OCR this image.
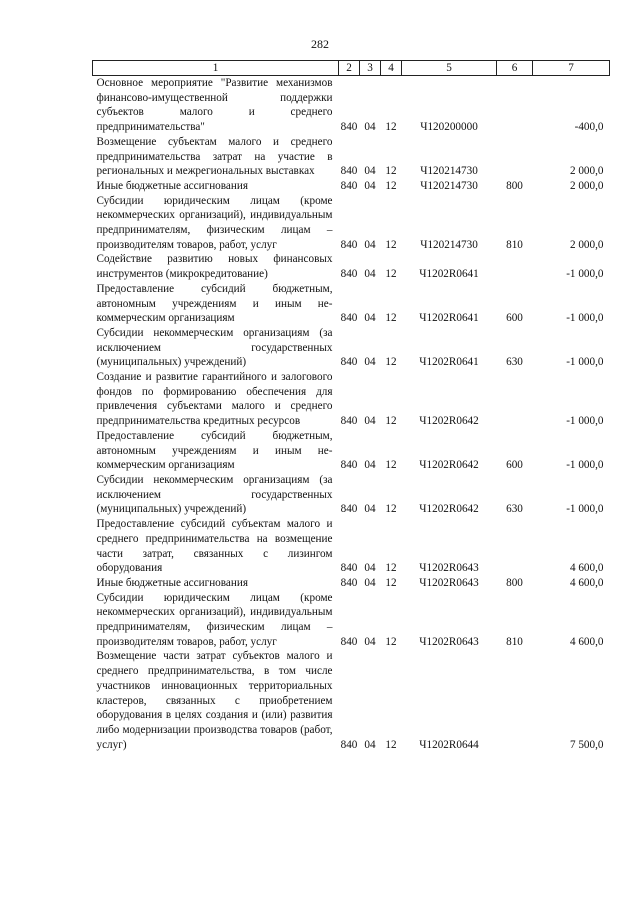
282
1	2	3	4	5	6	7
Основное мероприятие "Развитие механизмов финансово-имущественной поддержки субъектов малого и среднего предпринимательства"	840	04	12	Ч120200000		-400,0
Возмещение субъектам малого и среднего предпринимательства затрат на участие в региональных и межрегиональных выставках	840	04	12	Ч120214730		2 000,0
Иные бюджетные ассигнования	840	04	12	Ч120214730	800	2 000,0
Субсидии юридическим лицам (кроме некоммерческих организаций), индивидуальным предпринимателям, физическим лицам – производителям товаров, работ, услуг	840	04	12	Ч120214730	810	2 000,0
Содействие развитию новых финансовых инструментов (микрокредитование)	840	04	12	Ч1202R0641		-1 000,0
Предоставление субсидий бюджетным, автономным учреждениям и иным некоммерческим организациям	840	04	12	Ч1202R0641	600	-1 000,0
Субсидии некоммерческим организациям (за исключением государственных (муниципальных) учреждений)	840	04	12	Ч1202R0641	630	-1 000,0
Создание и развитие гарантийного и залогового фондов по формированию обеспечения для привлечения субъектами малого и среднего предпринимательства кредитных ресурсов	840	04	12	Ч1202R0642		-1 000,0
Предоставление субсидий бюджетным, автономным учреждениям и иным некоммерческим организациям	840	04	12	Ч1202R0642	600	-1 000,0
Субсидии некоммерческим организациям (за исключением государственных (муниципальных) учреждений)	840	04	12	Ч1202R0642	630	-1 000,0
Предоставление субсидий субъектам малого и среднего предпринимательства на возмещение части затрат, связанных с лизингом оборудования	840	04	12	Ч1202R0643		4 600,0
Иные бюджетные ассигнования	840	04	12	Ч1202R0643	800	4 600,0
Субсидии юридическим лицам (кроме некоммерческих организаций), индивидуальным предпринимателям, физическим лицам – производителям товаров, работ, услуг	840	04	12	Ч1202R0643	810	4 600,0
Возмещение части затрат субъектов малого и среднего предпринимательства, в том числе участников инновационных территориальных кластеров, связанных с приобретением оборудования в целях создания и (или) развития либо модернизации производства товаров (работ, услуг)	840	04	12	Ч1202R0644		7 500,0
